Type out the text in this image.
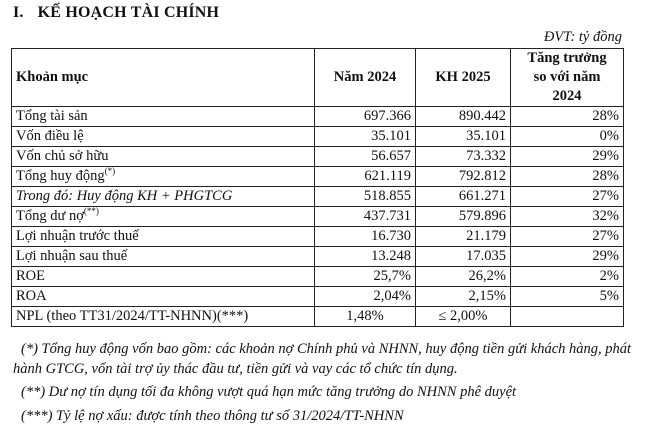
I. KẾ HOẠCH TÀI CHÍNH
ĐVT: tỷ đồng
Khoản mục	Năm 2024	KH 2025	Tăng trưởng
so với năm
2024

Tổng tài sản	697.366	890.442	28%
Vốn điều lệ	35.101	35.101	0%
Vốn chủ sở hữu	56.657	73.332	29%
Tổng huy động(*)	621.119	792.812	28%
Trong đó: Huy động KH + PHGTCG	518.855	661.271	27%
Tổng dư nợ(**)	437.731	579.896	32%
Lợi nhuận trước thuế	16.730	21.179	27%
Lợi nhuận sau thuế	13.248	17.035	29%
ROE	25,7%	26,2%	2%
ROA	2,04%	2,15%	5%
NPL (theo TT31/2024/TT-NHNN)(***)	1,48%	≤ 2,00%	

(*) Tổng huy động vốn bao gồm: các khoản nợ Chính phủ và NHNN, huy động tiền gửi khách hàng, phát hành GTCG, vốn tài trợ ủy thác đầu tư, tiền gửi và vay các tổ chức tín dụng.

(**) Dư nợ tín dụng tối đa không vượt quá hạn mức tăng trưởng do NHNN phê duyệt

(***) Tỷ lệ nợ xấu: được tính theo thông tư số 31/2024/TT-NHNN
